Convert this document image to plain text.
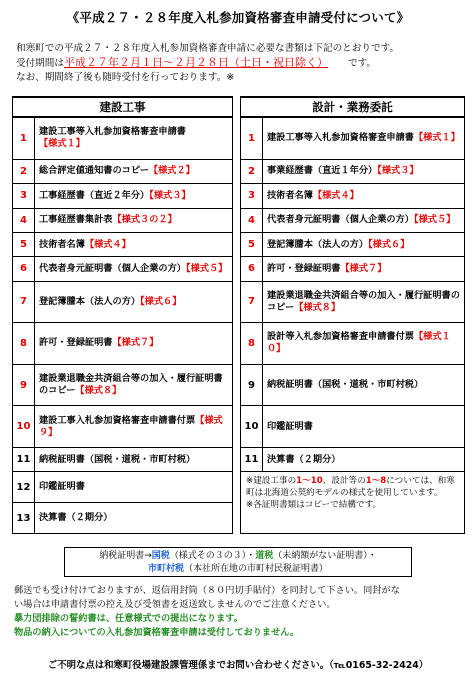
《平成２７・２８年度入札参加資格審査申請受付について》
和寒町での平成２７・２８年度入札参加資格審査申請に必要な書類は下記のとおりです。
受付期間は平成２７年２月１日～２月２８日（土日・祝日除く） です。
なお、期間終了後も随時受付を行っております。※
建設工事			設計・業務委託	
1	建設工事等入札参加資格審査申請書【様式１】		1	建設工事等入札参加資格審査申請書【様式１】
2	総合評定値通知書のコピー【様式２】		2	事業経歴書（直近１年分）【様式３】
3	工事経歴書（直近２年分）【様式３】		3	技術者名簿【様式４】
4	工事経歴書集計表【様式３の２】		4	代表者身元証明書（個人企業の方）【様式５】
5	技術者名簿【様式４】		5	登記簿謄本（法人の方）【様式６】
6	代表者身元証明書（個人企業の方）【様式５】		6	許可・登録証明書【様式７】
7	登記簿謄本（法人の方）【様式６】		7	建設業退職金共済組合等の加入・履行証明書のコピー【様式８】
8	許可・登録証明書【様式７】		8	設計等入札参加資格審査申請書付票【様式１０】
9	建設業退職金共済組合等の加入・履行証明書のコピー【様式８】		9	納税証明書（国税・道税・市町村税）
10	建設工事入札参加資格審査申請書付票【様式９】		10	印鑑証明書
11	納税証明書（国税・道税・市町村税）		11	決算書（２期分）
12	印鑑証明書		※建設工事の1～10、設計等の1～8については、和寒町は北海道公契約モデルの様式を使用しています。
※各証明書類はコピーで結構です。	

13	決算書（２期分）			
納税証明書→国税（様式その３の３）・道税（未納額がない証明書）・
市町村税（本社所在地の市町村民税証明書）
郵送でも受け付けておりますが、返信用封筒（８０円切手貼付）を同封して下さい。同封がな
い場合は申請書付票の控え及び受領書を返送致しませんのでご注意ください。
暴力団排除の誓約書は、任意様式での提出になります。
物品の納入についての入札参加資格審査申請は受付しておりません。
ご不明な点は和寒町役場建設課管理係までお問い合わせください。（℡0165-32-2424）
